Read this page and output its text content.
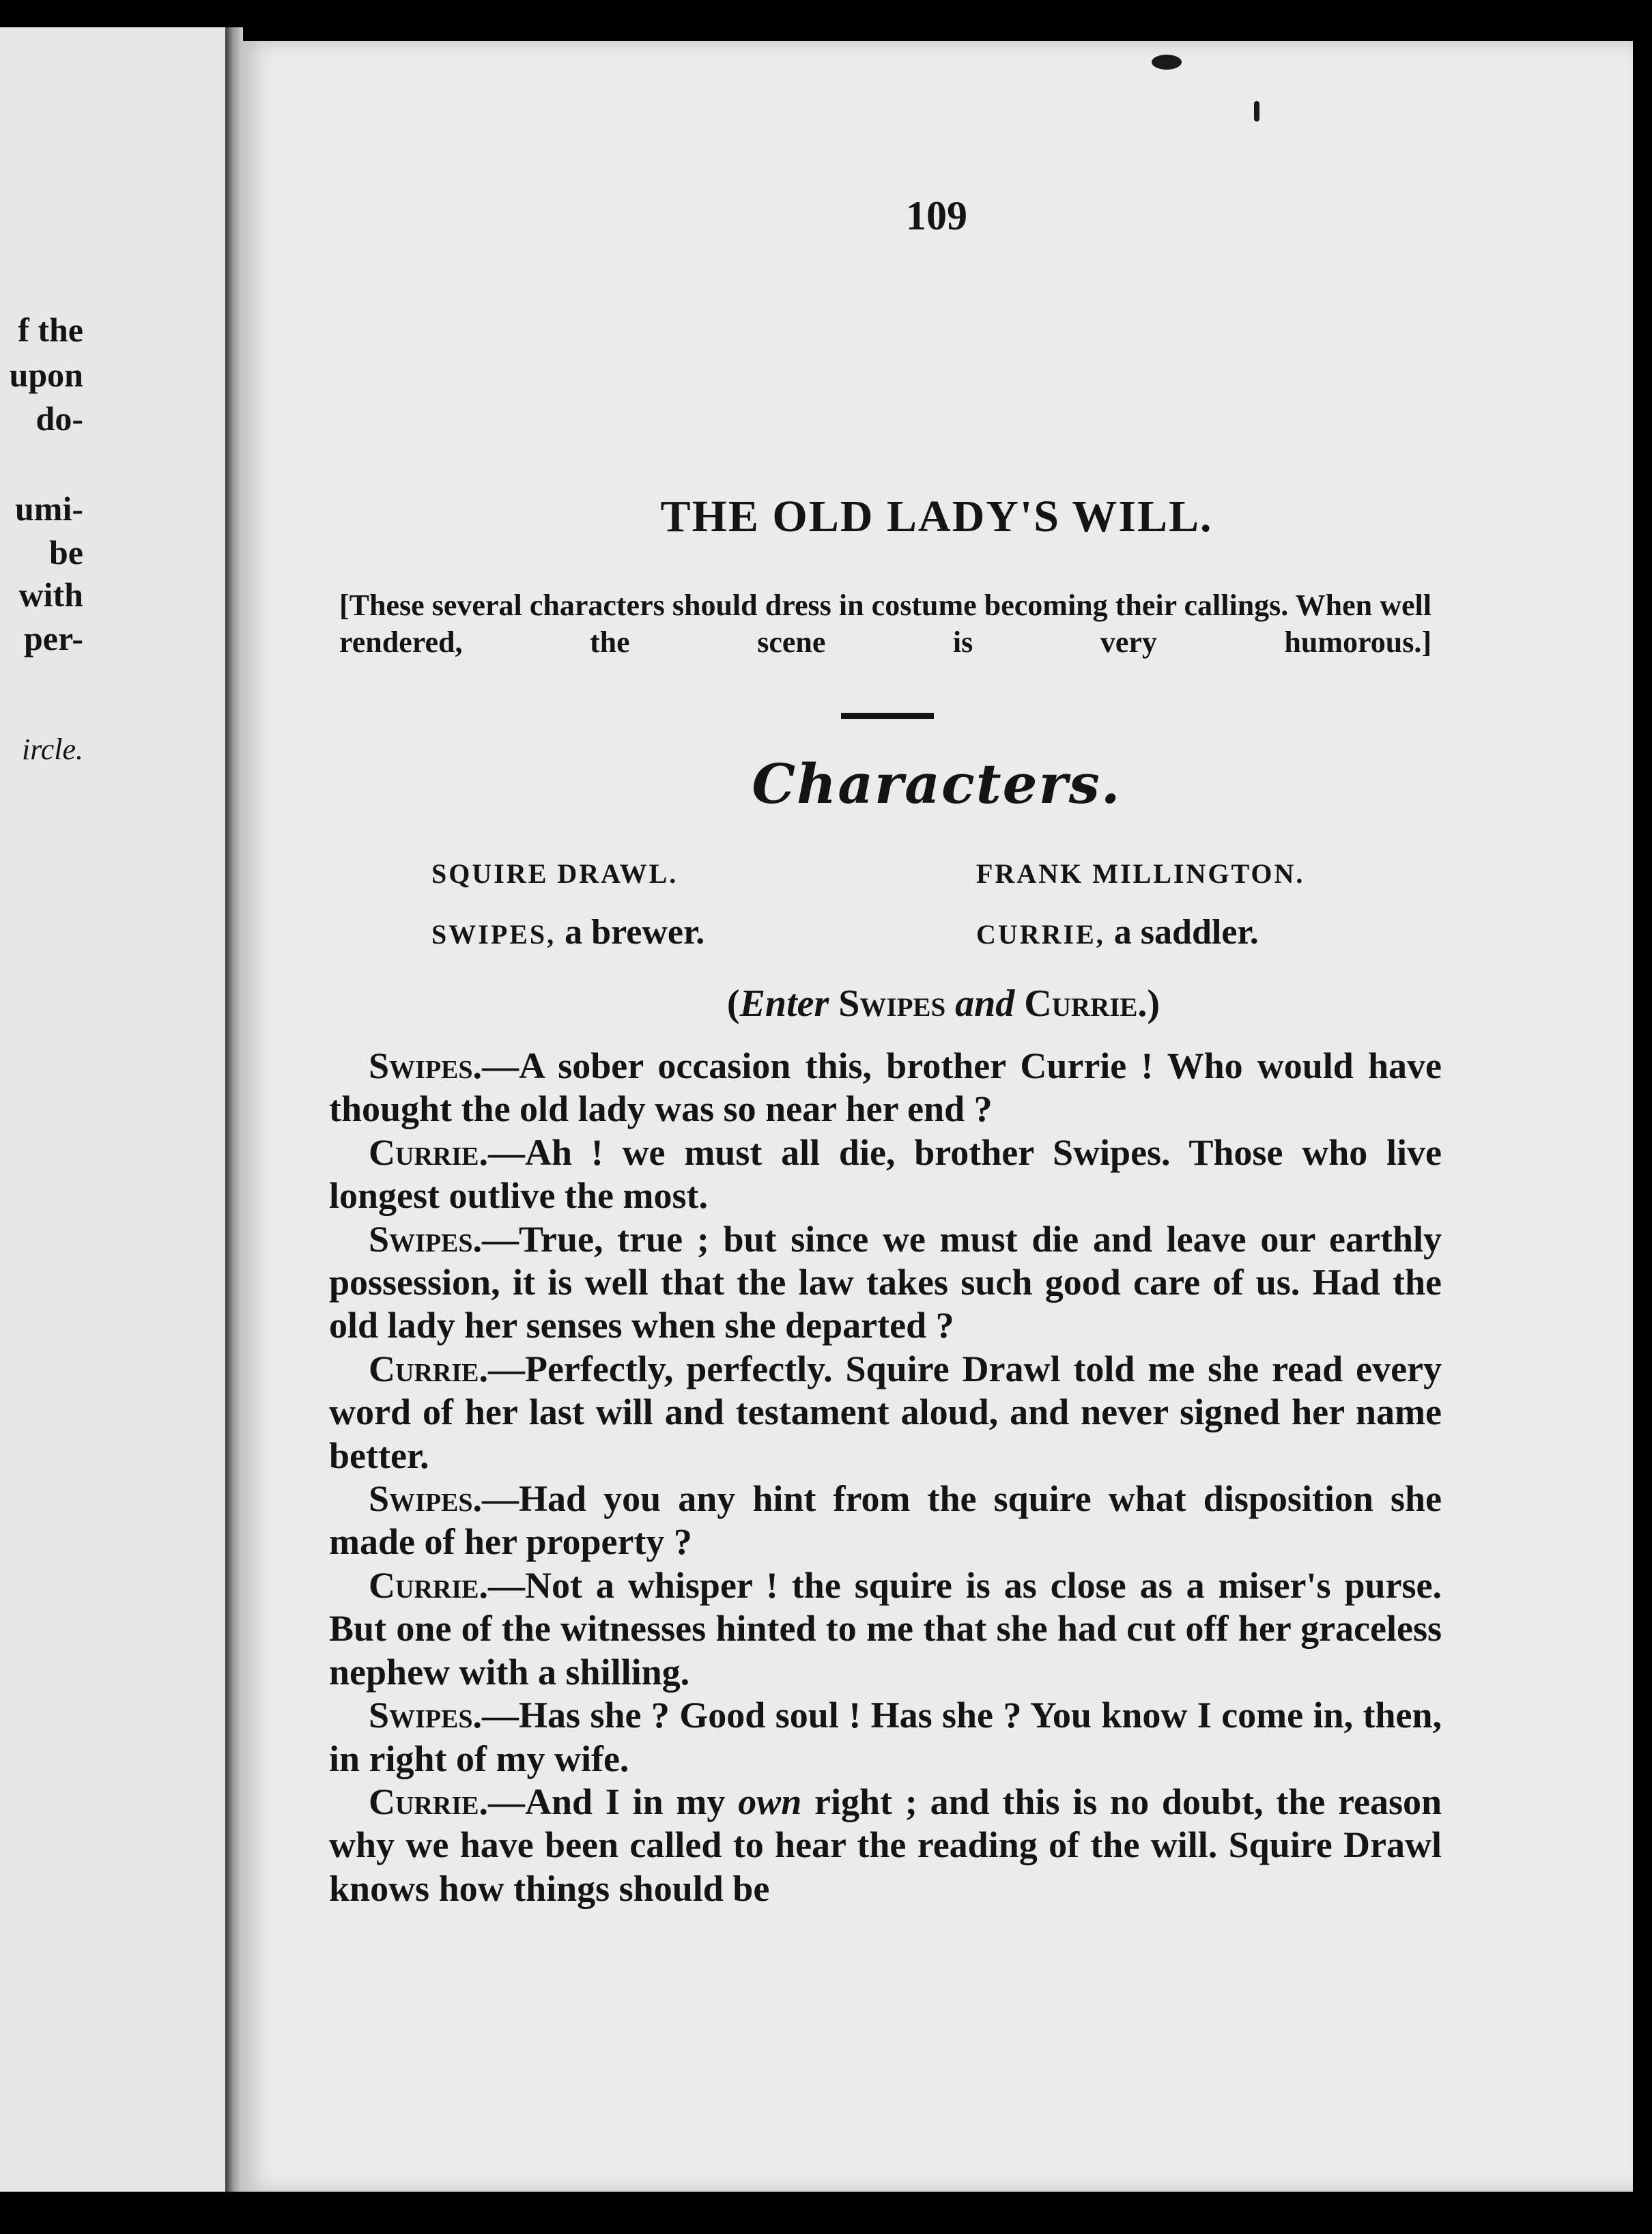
f the
upon
do-
umi-
be
with
per-
ircle.
109
THE OLD LADY'S WILL.
[These several characters should dress in costume becoming their callings. When well rendered, the scene is very humorous.]
Characters.
SQUIRE DRAWL.	FRANK MILLINGTON.
SWIPES, a brewer.	CURRIE, a saddler.
(Enter Swipes and Currie.)

Swipes.—A sober occasion this, brother Currie ! Who would have thought the old lady was so near her end ?

Currie.—Ah ! we must all die, brother Swipes. Those who live longest outlive the most.

Swipes.—True, true ; but since we must die and leave our earthly possession, it is well that the law takes such good care of us. Had the old lady her senses when she departed ?

Currie.—Perfectly, perfectly. Squire Drawl told me she read every word of her last will and testament aloud, and never signed her name better.

Swipes.—Had you any hint from the squire what disposition she made of her property ?

Currie.—Not a whisper ! the squire is as close as a miser's purse. But one of the witnesses hinted to me that she had cut off her graceless nephew with a shilling.

Swipes.—Has she ? Good soul ! Has she ? You know I come in, then, in right of my wife.

Currie.—And I in my own right ; and this is no doubt, the reason why we have been called to hear the reading of the will. Squire Drawl knows how things should be
